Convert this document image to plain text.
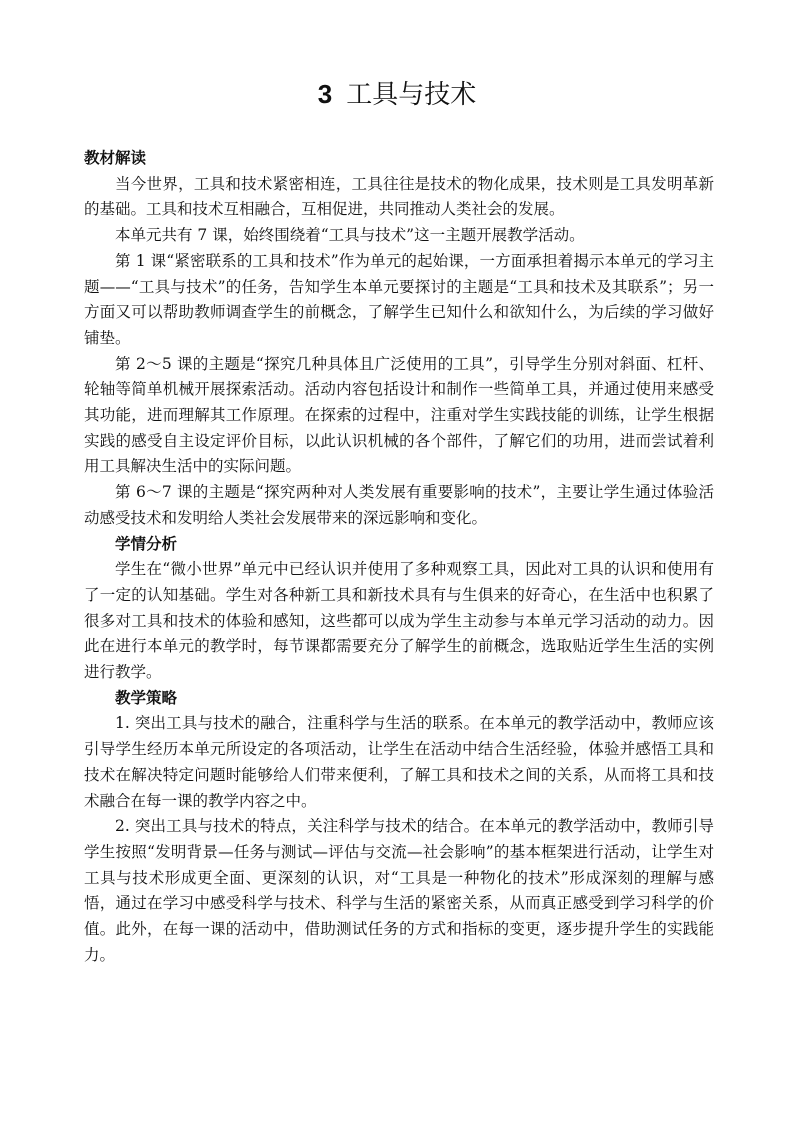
3 工具与技术
教材解读

当今世界，工具和技术紧密相连，工具往往是技术的物化成果，技术则是工具发明革新的基础。工具和技术互相融合，互相促进，共同推动人类社会的发展。

本单元共有 7 课，始终围绕着“工具与技术”这一主题开展教学活动。

第 1 课“紧密联系的工具和技术”作为单元的起始课，一方面承担着揭示本单元的学习主题——“工具与技术”的任务，告知学生本单元要探讨的主题是“工具和技术及其联系”；另一方面又可以帮助教师调查学生的前概念，了解学生已知什么和欲知什么，为后续的学习做好铺垫。

第 2～5 课的主题是“探究几种具体且广泛使用的工具”，引导学生分别对斜面、杠杆、轮轴等简单机械开展探索活动。活动内容包括设计和制作一些简单工具，并通过使用来感受其功能，进而理解其工作原理。在探索的过程中，注重对学生实践技能的训练，让学生根据实践的感受自主设定评价目标，以此认识机械的各个部件，了解它们的功用，进而尝试着利用工具解决生活中的实际问题。

第 6～7 课的主题是“探究两种对人类发展有重要影响的技术”，主要让学生通过体验活动感受技术和发明给人类社会发展带来的深远影响和变化。

学情分析

学生在“微小世界”单元中已经认识并使用了多种观察工具，因此对工具的认识和使用有了一定的认知基础。学生对各种新工具和新技术具有与生俱来的好奇心，在生活中也积累了很多对工具和技术的体验和感知，这些都可以成为学生主动参与本单元学习活动的动力。因此在进行本单元的教学时，每节课都需要充分了解学生的前概念，选取贴近学生生活的实例进行教学。

教学策略

1. 突出工具与技术的融合，注重科学与生活的联系。在本单元的教学活动中，教师应该引导学生经历本单元所设定的各项活动，让学生在活动中结合生活经验，体验并感悟工具和技术在解决特定问题时能够给人们带来便利，了解工具和技术之间的关系，从而将工具和技术融合在每一课的教学内容之中。

2. 突出工具与技术的特点，关注科学与技术的结合。在本单元的教学活动中，教师引导学生按照“发明背景—任务与测试—评估与交流—社会影响”的基本框架进行活动，让学生对工具与技术形成更全面、更深刻的认识，对“工具是一种物化的技术”形成深刻的理解与感悟，通过在学习中感受科学与技术、科学与生活的紧密关系，从而真正感受到学习科学的价值。此外，在每一课的活动中，借助测试任务的方式和指标的变更，逐步提升学生的实践能力。
